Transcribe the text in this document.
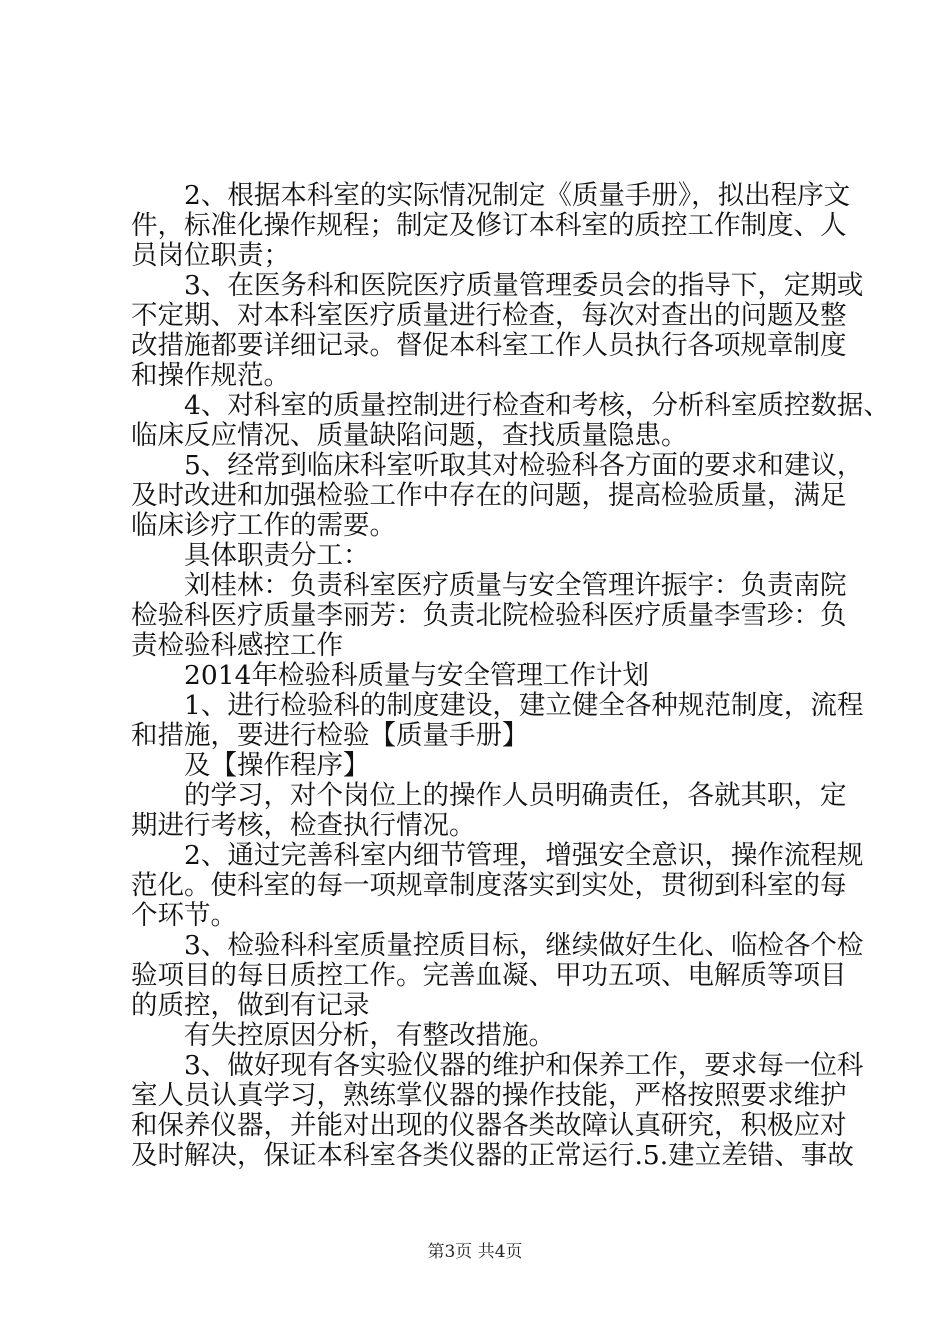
　　2、根据本科室的实际情况制定《质量手册》，拟出程序文
件，标准化操作规程；制定及修订本科室的质控工作制度、人
员岗位职责；
　　3、在医务科和医院医疗质量管理委员会的指导下，定期或
不定期、对本科室医疗质量进行检查，每次对查出的问题及整
改措施都要详细记录。督促本科室工作人员执行各项规章制度
和操作规范。
　　4、对科室的质量控制进行检查和考核，分析科室质控数据、
临床反应情况、质量缺陷问题，查找质量隐患。
　　5、经常到临床科室听取其对检验科各方面的要求和建议，
及时改进和加强检验工作中存在的问题，提高检验质量，满足
临床诊疗工作的需要。
　　具体职责分工：
　　刘桂林：负责科室医疗质量与安全管理许振宇：负责南院
检验科医疗质量李丽芳：负责北院检验科医疗质量李雪珍：负
责检验科感控工作
　　2014年检验科质量与安全管理工作计划
　　1、进行检验科的制度建设，建立健全各种规范制度，流程
和措施，要进行检验【质量手册】
　　及【操作程序】
　　的学习，对个岗位上的操作人员明确责任，各就其职，定
期进行考核，检查执行情况。
　　2、通过完善科室内细节管理，增强安全意识，操作流程规
范化。使科室的每一项规章制度落实到实处，贯彻到科室的每
个环节。
　　3、检验科科室质量控质目标，继续做好生化、临检各个检
验项目的每日质控工作。完善血凝、甲功五项、电解质等项目
的质控，做到有记录
　　有失控原因分析，有整改措施。
　　3、做好现有各实验仪器的维护和保养工作，要求每一位科
室人员认真学习，熟练掌仪器的操作技能，严格按照要求维护
和保养仪器，并能对出现的仪器各类故障认真研究，积极应对
及时解决，保证本科室各类仪器的正常运行.5.建立差错、事故
第3页 共4页
